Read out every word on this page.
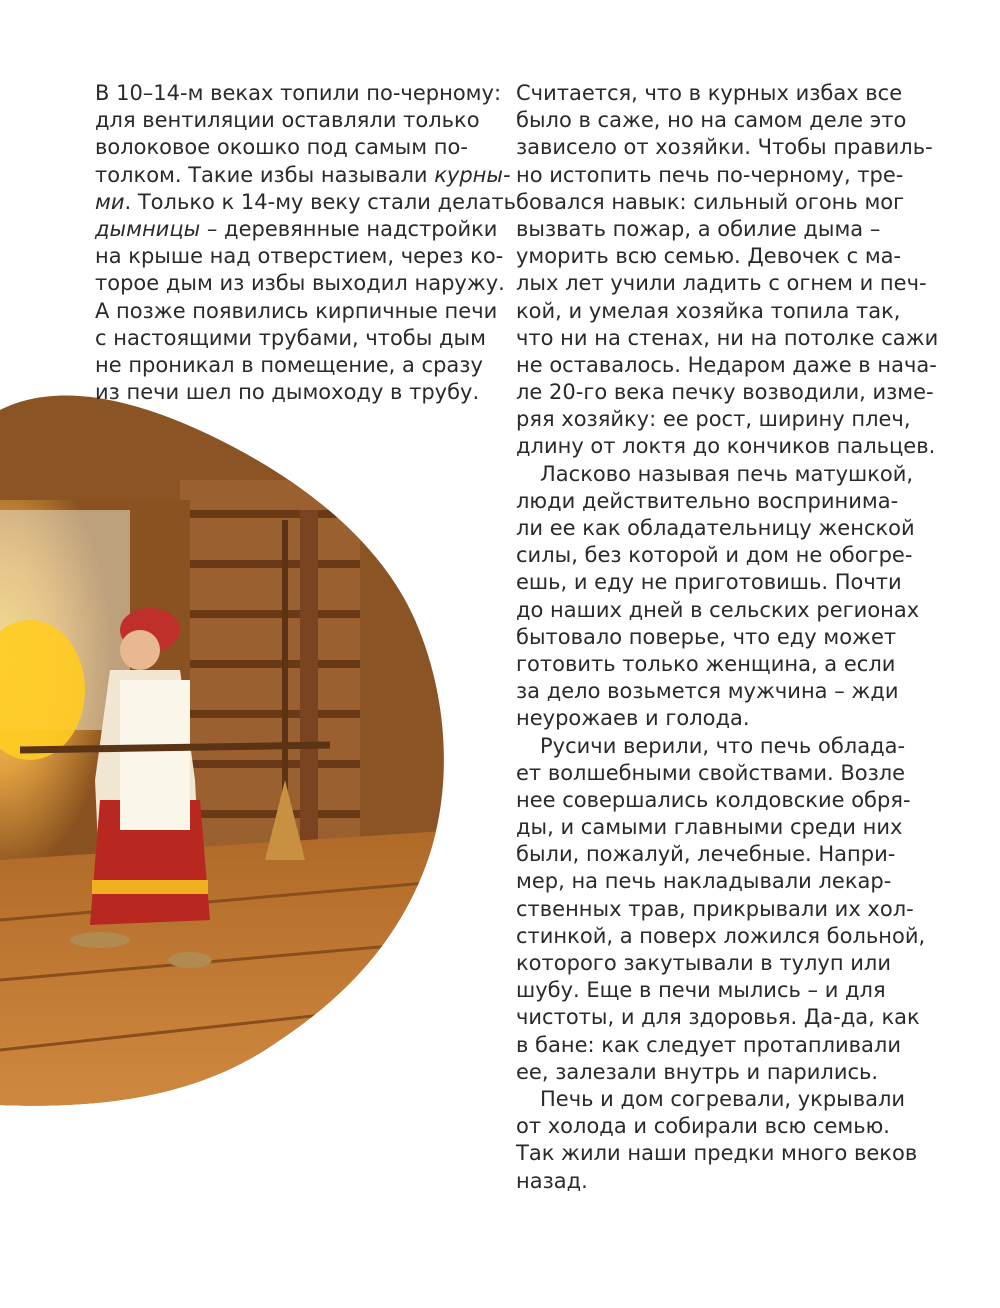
В 10–14-м веках топили по-черному:
для вентиляции оставляли только
волоковое окошко под самым по-
толком. Такие избы называли курны-
ми. Только к 14-му веку стали делать
дымницы – деревянные надстройки
на крыше над отверстием, через ко-
торое дым из избы выходил наружу.
А позже появились кирпичные печи
с настоящими трубами, чтобы дым
не проникал в помещение, а сразу
из печи шел по дымоходу в трубу.
Считается, что в курных избах все
было в саже, но на самом деле это
зависело от хозяйки. Чтобы правиль-
но истопить печь по-черному, тре-
бовался навык: сильный огонь мог
вызвать пожар, а обилие дыма –
уморить всю семью. Девочек с ма-
лых лет учили ладить с огнем и печ-
кой, и умелая хозяйка топила так,
что ни на стенах, ни на потолке сажи
не оставалось. Недаром даже в нача-
ле 20-го века печку возводили, изме-
ряя хозяйку: ее рост, ширину плеч,
длину от локтя до кончиков пальцев.
Ласково называя печь матушкой,
люди действительно воспринима-
ли ее как обладательницу женской
силы, без которой и дом не обогре-
ешь, и еду не приготовишь. Почти
до наших дней в сельских регионах
бытовало поверье, что еду может
готовить только женщина, а если
за дело возьмется мужчина – жди
неурожаев и голода.
Русичи верили, что печь облада-
ет волшебными свойствами. Возле
нее совершались колдовские обря-
ды, и самыми главными среди них
были, пожалуй, лечебные. Напри-
мер, на печь накладывали лекар-
ственных трав, прикрывали их хол-
стинкой, а поверх ложился больной,
которого закутывали в тулуп или
шубу. Еще в печи мылись – и для
чистоты, и для здоровья. Да-да, как
в бане: как следует протапливали
ее, залезали внутрь и парились.
Печь и дом согревали, укрывали
от холода и собирали всю семью.
Так жили наши предки много веков
назад.
